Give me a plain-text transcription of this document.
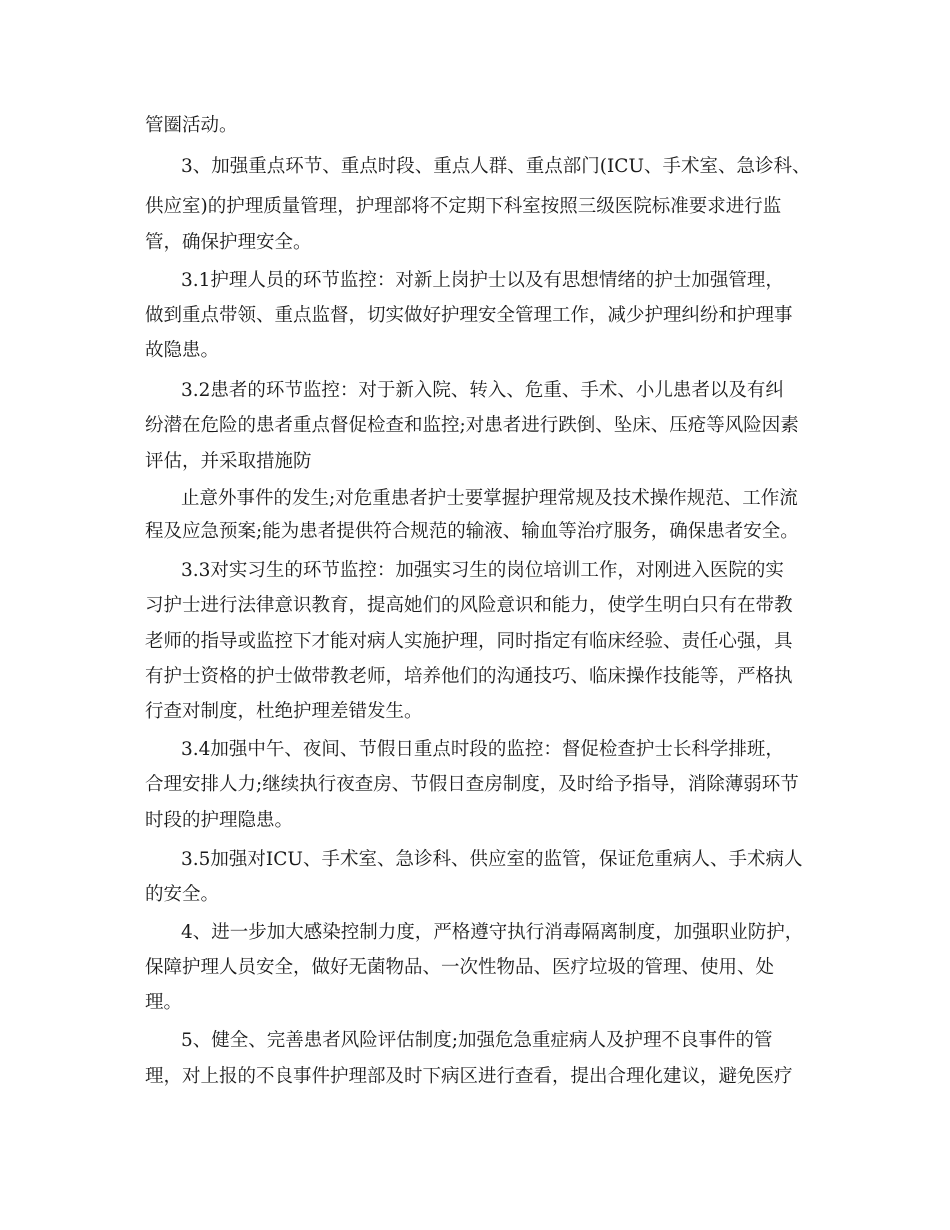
管圈活动。
3、加强重点环节、重点时段、重点人群、重点部门(ICU、手术室、急诊科、
供应室)的护理质量管理，护理部将不定期下科室按照三级医院标准要求进行监
管，确保护理安全。
3.1护理人员的环节监控：对新上岗护士以及有思想情绪的护士加强管理，
做到重点带领、重点监督，切实做好护理安全管理工作，减少护理纠纷和护理事
故隐患。
3.2患者的环节监控：对于新入院、转入、危重、手术、小儿患者以及有纠
纷潜在危险的患者重点督促检查和监控;对患者进行跌倒、坠床、压疮等风险因素
评估，并采取措施防
止意外事件的发生;对危重患者护士要掌握护理常规及技术操作规范、工作流
程及应急预案;能为患者提供符合规范的输液、输血等治疗服务，确保患者安全。
3.3对实习生的环节监控：加强实习生的岗位培训工作，对刚进入医院的实
习护士进行法律意识教育，提高她们的风险意识和能力，使学生明白只有在带教
老师的指导或监控下才能对病人实施护理，同时指定有临床经验、责任心强，具
有护士资格的护士做带教老师，培养他们的沟通技巧、临床操作技能等，严格执
行查对制度，杜绝护理差错发生。
3.4加强中午、夜间、节假日重点时段的监控：督促检查护士长科学排班，
合理安排人力;继续执行夜查房、节假日查房制度，及时给予指导，消除薄弱环节
时段的护理隐患。
3.5加强对ICU、手术室、急诊科、供应室的监管，保证危重病人、手术病人
的安全。
4、进一步加大感染控制力度，严格遵守执行消毒隔离制度，加强职业防护，
保障护理人员安全，做好无菌物品、一次性物品、医疗垃圾的管理、使用、处
理。
5、健全、完善患者风险评估制度;加强危急重症病人及护理不良事件的管
理，对上报的不良事件护理部及时下病区进行查看，提出合理化建议，避免医疗
